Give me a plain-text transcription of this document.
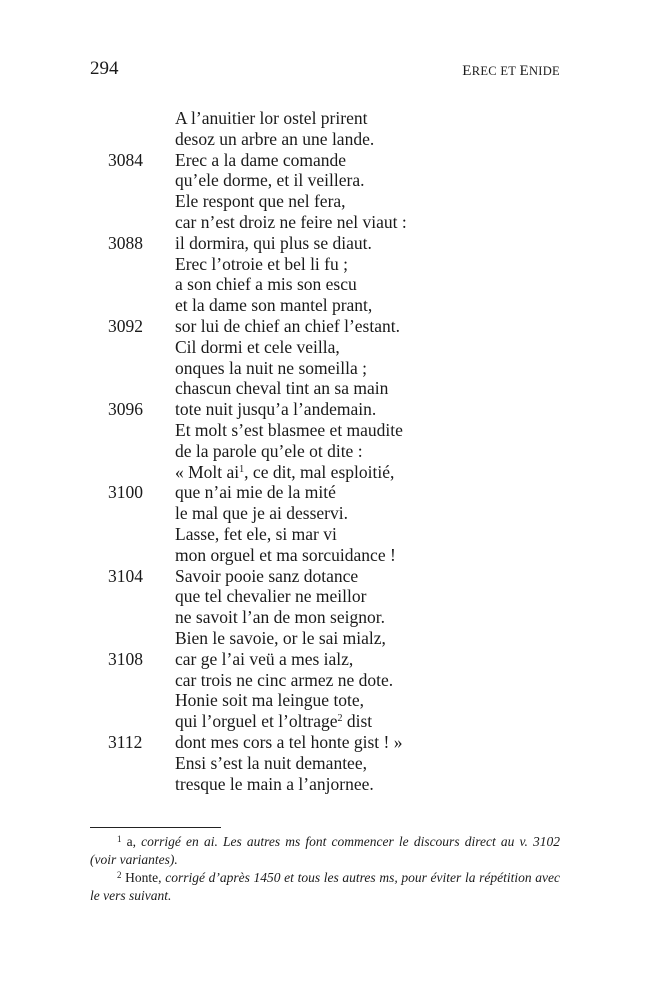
294	EREC ET ENIDE
A l’anuitier lor ostel prirent
desoz un arbre an une lande.
3084 Erec a la dame comande
qu’ele dorme, et il veillera.
Ele respont que nel fera,
car n’est droiz ne feire nel viaut :
3088 il dormira, qui plus se diaut.
Erec l’otroie et bel li fu ;
a son chief a mis son escu
et la dame son mantel prant,
3092 sor lui de chief an chief l’estant.
Cil dormi et cele veilla,
onques la nuit ne someilla ;
chascun cheval tint an sa main
3096 tote nuit jusqu’a l’andemain.
Et molt s’est blasmee et maudite
de la parole qu’ele ot dite :
« Molt $ai^1$, ce dit, mal esploitié,
3100 que n’ai mie de la mité
le mal que je ai desservi.
Lasse, fet ele, si mar vi
mon orguel et ma sorcuidance !
3104 Savoir pooie sanz dotance
que tel chevalier ne meillor
ne savoit l’an de mon seignor.
Bien le savoie, or le sai mialz,
3108 car ge l’ai veü a mes ialz,
car trois ne cinc armez ne dote.
Honie soit ma leingue tote,
qui l’orguel et l’oltrage$^2$ dist
3112 dont mes cors a tel honte gist ! »
Ensi s’est la nuit demantee,
tresque le main a l’anjornee.

$^1$ a, corrigé en ai. Les autres ms font commencer le discours direct au v. 3102 (voir variantes).

$^2$ Honte, corrigé d’après 1450 et tous les autres ms, pour éviter la répétition avec le vers suivant.
